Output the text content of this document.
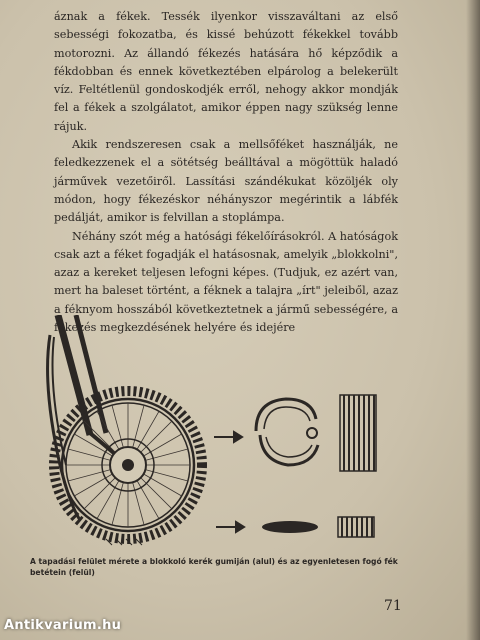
áznak a fékek. Tessék ilyenkor visszaváltani az első sebességi fokozatba, és kissé behúzott fékekkel tovább motorozni. Az állandó fékezés hatására hő képződik a fékdobban és ennek következtében elpárolog a belekerült víz. Feltétlenül gondoskodjék erről, nehogy akkor mondják fel a fékek a szolgálatot, amikor éppen nagy szükség lenne rájuk.

Akik rendszeresen csak a mellsőféket használják, ne feledkezzenek el a sötétség beálltával a mögöttük haladó járművek vezetőiről. Lassítási szándékukat közöljék oly módon, hogy fékezéskor néhányszor megérintik a lábfék pedálját, amikor is felvillan a stoplámpa.

Néhány szót még a hatósági fékelőírásokról. A hatóságok csak azt a féket fogadják el hatásosnak, amelyik „blokkolni", azaz a kereket teljesen lefogni képes. (Tudjuk, ez azért van, mert ha baleset történt, a féknek a talajra „írt" jeleiből, azaz a féknyom hosszából következtetnek a jármű sebességére, a fékezés megkezdésének helyére és idejére

A tapadási felület mérete a blokkoló kerék gumiján (alul) és az egyenletesen fogó fék betétein (felül)
71
Antikvarium.hu
